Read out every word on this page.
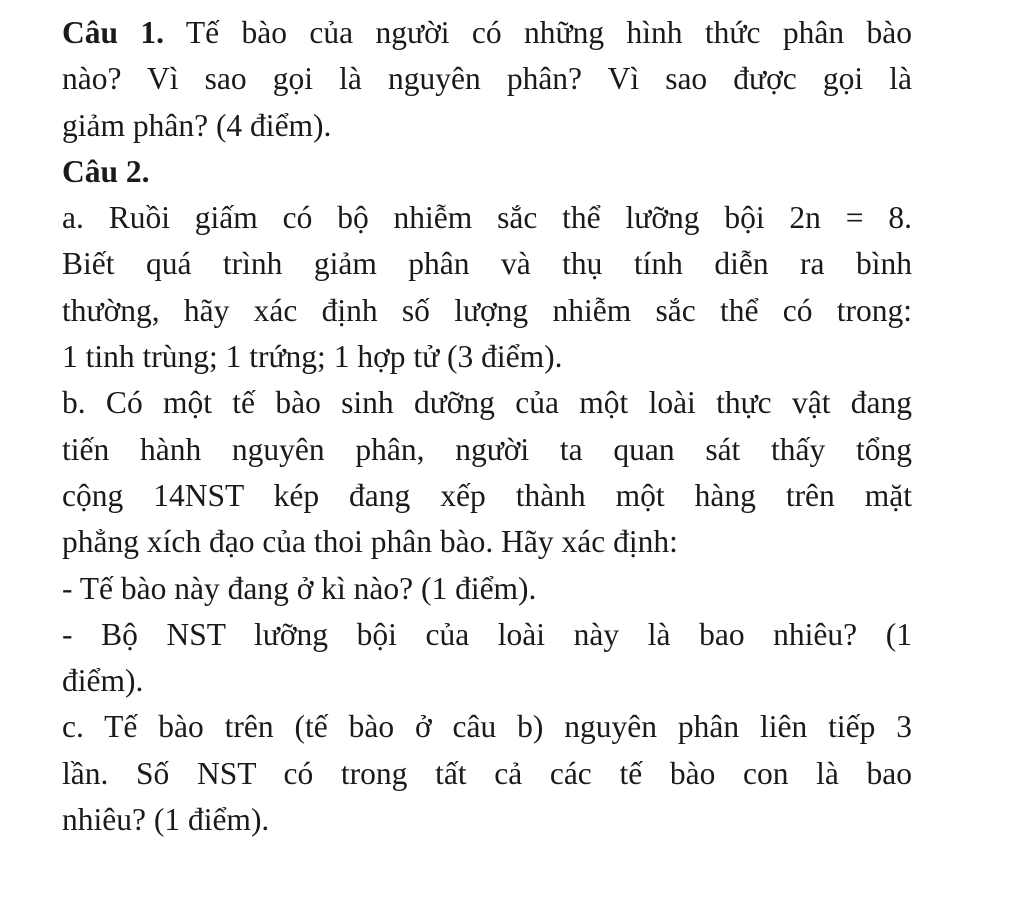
Câu 1. Tế bào của người có những hình thức phân bào
nào? Vì sao gọi là nguyên phân? Vì sao được gọi là
giảm phân? (4 điểm).
Câu 2.
a. Ruồi giấm có bộ nhiễm sắc thể lưỡng bội 2n = 8.
Biết quá trình giảm phân và thụ tính diễn ra bình
thường, hãy xác định số lượng nhiễm sắc thể có trong:
1 tinh trùng; 1 trứng; 1 hợp tử (3 điểm).
b. Có một tế bào sinh dưỡng của một loài thực vật đang
tiến hành nguyên phân, người ta quan sát thấy tổng
cộng 14NST kép đang xếp thành một hàng trên mặt
phẳng xích đạo của thoi phân bào. Hãy xác định:
- Tế bào này đang ở kì nào? (1 điểm).
- Bộ NST lưỡng bội của loài này là bao nhiêu? (1
điểm).
c. Tế bào trên (tế bào ở câu b) nguyên phân liên tiếp 3
lần. Số NST có trong tất cả các tế bào con là bao
nhiêu? (1 điểm).
